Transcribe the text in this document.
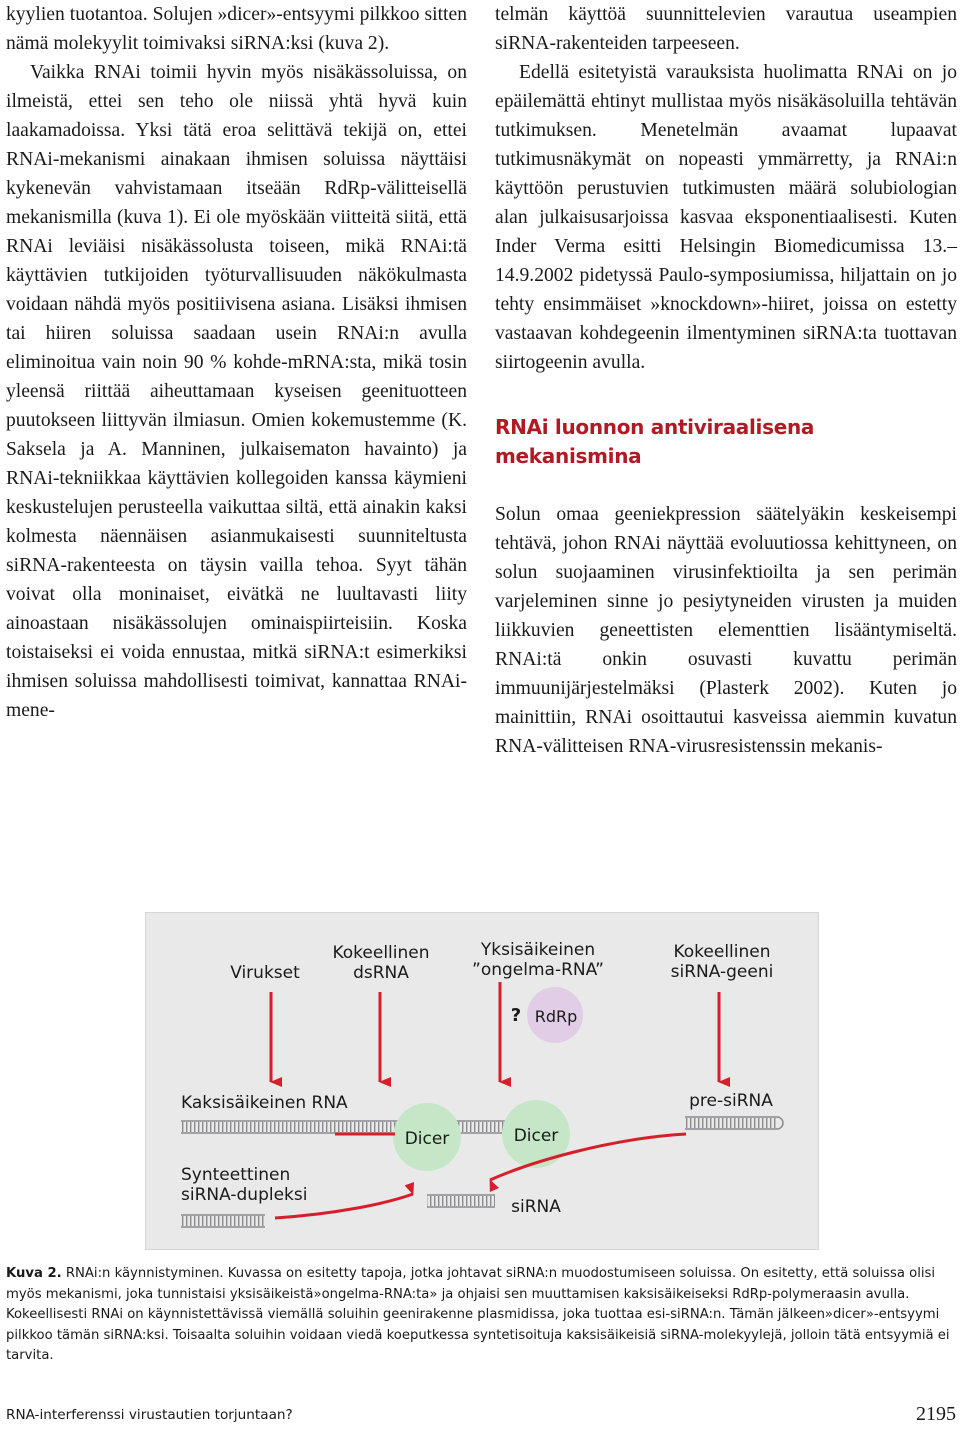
kyylien tuotantoa. Solujen »dicer»-entsyymi pilkkoo sitten nämä molekyylit toimivaksi siRNA:ksi (kuva 2).

Vaikka RNAi toimii hyvin myös nisäkässoluissa, on ilmeistä, ettei sen teho ole niissä yhtä hyvä kuin laakamadoissa. Yksi tätä eroa selittävä tekijä on, ettei RNAi-mekanismi ainakaan ihmisen soluissa näyttäisi kykenevän vahvistamaan itseään RdRp-välitteisellä mekanismilla (kuva 1). Ei ole myöskään viitteitä siitä, että RNAi leviäisi nisäkässolusta toiseen, mikä RNAi:tä käyttävien tutkijoiden työturvallisuuden näkökulmasta voidaan nähdä myös positiivisena asiana. Lisäksi ihmisen tai hiiren soluissa saadaan usein RNAi:n avulla eliminoitua vain noin 90 % kohde-mRNA:sta, mikä tosin yleensä riittää aiheuttamaan kyseisen geenituotteen puutokseen liittyvän ilmiasun. Omien kokemustemme (K. Saksela ja A. Manninen, julkaisematon havainto) ja RNAi-tekniikkaa käyttävien kollegoiden kanssa käymieni keskustelujen perusteella vaikuttaa siltä, että ainakin kaksi kolmesta näennäisen asianmukaisesti suunniteltusta siRNA-rakenteesta on täysin vailla tehoa. Syyt tähän voivat olla moninaiset, eivätkä ne luultavasti liity ainoastaan nisäkässolujen ominaispiirteisiin. Koska toistaiseksi ei voida ennustaa, mitkä siRNA:t esimerkiksi ihmisen soluissa mahdollisesti toimivat, kannattaa RNAi-mene-

telmän käyttöä suunnittelevien varautua useampien siRNA-rakenteiden tarpeeseen.

Edellä esitetyistä varauksista huolimatta RNAi on jo epäilemättä ehtinyt mullistaa myös nisäkäsoluilla tehtävän tutkimuksen. Menetelmän avaamat lupaavat tutkimusnäkymät on nopeasti ymmärretty, ja RNAi:n käyttöön perustuvien tutkimusten määrä solubiologian alan julkaisusarjoissa kasvaa eksponentiaalisesti. Kuten Inder Verma esitti Helsingin Biomedicumissa 13.–14.9.2002 pidetyssä Paulo-symposiumissa, hiljattain on jo tehty ensimmäiset »knockdown»-hiiret, joissa on estetty vastaavan kohdegeenin ilmentyminen siRNA:ta tuottavan siirtogeenin avulla.

RNAi luonnon antiviraalisena mekanismina

Solun omaa geeniekpression säätelyäkin keskeisempi tehtävä, johon RNAi näyttää evoluutiossa kehittyneen, on solun suojaaminen virusinfektioilta ja sen perimän varjeleminen sinne jo pesiytyneiden virusten ja muiden liikkuvien geneettisten elementtien lisääntymiseltä. RNAi:tä onkin osuvasti kuvattu perimän immuunijärjestelmäksi (Plasterk 2002). Kuten jo mainittiin, RNAi osoittautui kasveissa aiemmin kuvatun RNA-välitteisen RNA-virusresistenssin mekanis-

Virukset
Kokeellinen
dsRNA
Yksisäikeinen
”ongelma-RNA”
Kokeellinen
siRNA-geeni
? RdRp
Kaksisäikeinen RNA	pre-siRNA
Dicer	Dicer
Synteettinen
siRNA-dupleksi
siRNA
Kuva 2. RNAi:n käynnistyminen. Kuvassa on esitetty tapoja, jotka johtavat siRNA:n muodostumiseen soluissa. On esitetty, että soluissa olisi myös mekanismi, joka tunnistaisi yksisäikeistä»ongelma-RNA:ta» ja ohjaisi sen muuttamisen kaksisäikeiseksi RdRp-polymeraasin avulla. Kokeellisesti RNAi on käynnistettävissä viemällä soluihin geenirakenne plasmidissa, joka tuottaa esi-siRNA:n. Tämän jälkeen»dicer»-entsyymi pilkkoo tämän siRNA:ksi. Toisaalta soluihin voidaan viedä koeputkessa syntetisoituja kaksisäikeisiä siRNA-molekyylejä, jolloin tätä entsyymiä ei tarvita.
RNA-interferenssi virustautien torjuntaan?	2195
